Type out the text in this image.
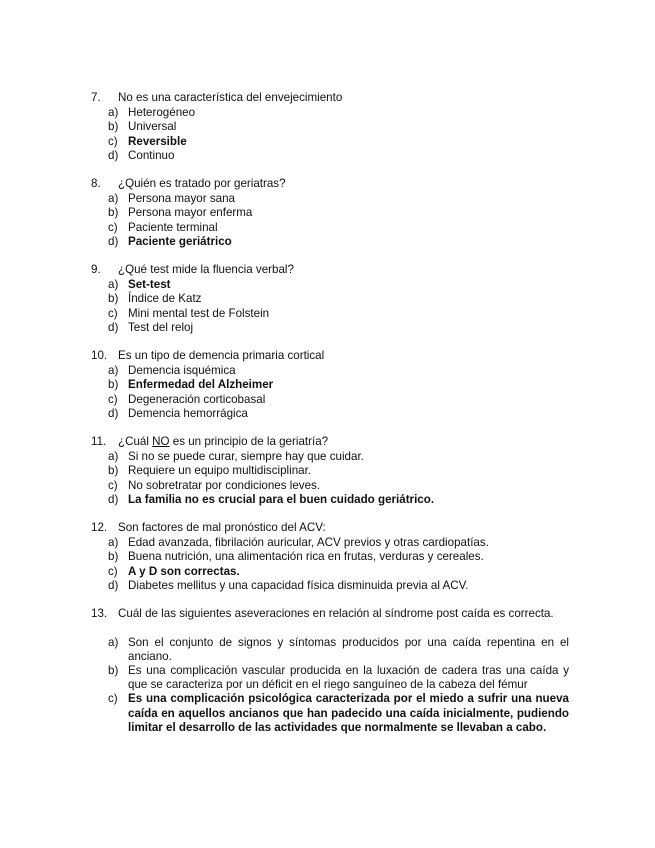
7.	No es una característica del envejecimiento
a) Heterogéneo
b) Universal
c) Reversible
d) Continuo
8.	¿Quién es tratado por geriatras?
a) Persona mayor sana
b) Persona mayor enferma
c) Paciente terminal
d) Paciente geriátrico
9.	¿Qué test mide la fluencia verbal?
a) Set-test
b) Índice de Katz
c) Mini mental test de Folstein
d) Test del reloj
10. Es un tipo de demencia primaria cortical
a) Demencia isquémica
b) Enfermedad del Alzheimer
c) Degeneración corticobasal
d) Demencia hemorrágica
11.	¿Cuál NO es un principio de la geriatría?
a) Si no se puede curar, siempre hay que cuidar.
b) Requiere un equipo multidisciplinar.
c) No sobretratar por condiciones leves.
d) La familia no es crucial para el buen cuidado geriátrico.
12. Son factores de mal pronóstico del ACV:
a) Edad avanzada, fibrilación auricular, ACV previos y otras cardiopatías.
b) Buena nutrición, una alimentación rica en frutas, verduras y cereales.
c) A y D son correctas.
d) Diabetes mellitus y una capacidad física disminuida previa al ACV.
13. Cuál de las siguientes aseveraciones en relación al síndrome post caída es correcta.
a) Son el conjunto de signos y síntomas producidos por una caída repentina en el anciano.
b) Es una complicación vascular producida en la luxación de cadera tras una caída y que se caracteriza por un déficit en el riego sanguíneo de la cabeza del fémur
c) Es una complicación psicológica caracterizada por el miedo a sufrir una nueva caída en aquellos ancianos que han padecido una caída inicialmente, pudiendo limitar el desarrollo de las actividades que normalmente se llevaban a cabo.
